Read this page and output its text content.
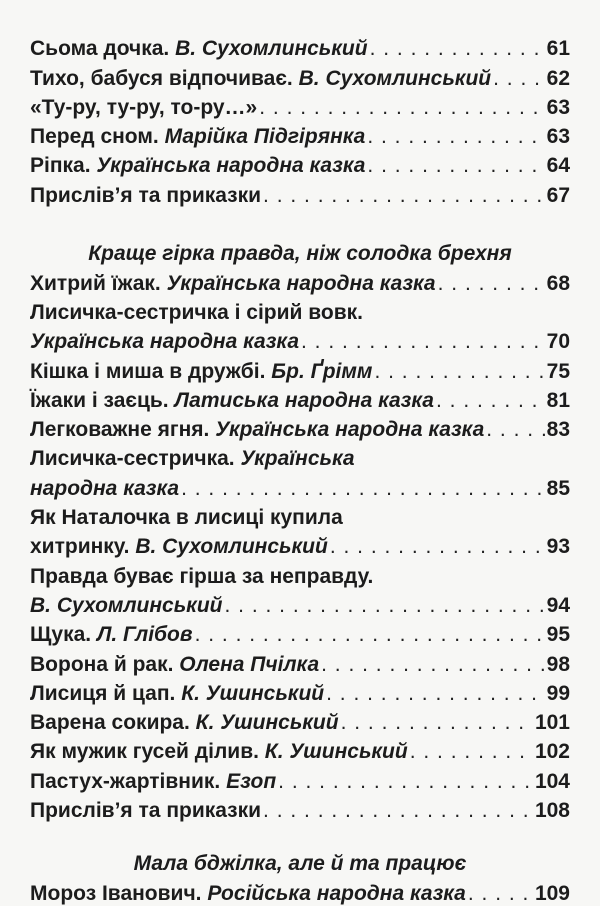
Сьома дочка. В. Сухомлинський . . .	61
Тихо, бабуся відпочиває. В. Сухомлинський . . .	62
«Ту-ру, ту-ру, то-ру…» . . .	63
Перед сном. Марійка Підгірянка . . .	63
Ріпка. Українська народна казка . . .	64
Прислів’я та приказки . . .	67
Краще гірка правда, ніж солодка брехня
Хитрий їжак. Українська народна казка . . .	68
Лисичка-сестричка і сірий вовк.
Українська народна казка . . .	70
Кішка і миша в дружбі. Бр. Ґрімм . . .	75
Їжаки і заєць. Латиська народна казка . . .	81
Легковажне ягня. Українська народна казка . . .	83
Лисичка-сестричка. Українська
народна казка . . .	85
Як Наталочка в лисиці купила
хитринку. В. Сухомлинський . . .	93
Правда буває гірша за неправду.
В. Сухомлинський . . .	94
Щука. Л. Глібов . . .	95
Ворона й рак. Олена Пчілка . . .	98
Лисиця й цап. К. Ушинський . . .	99
Варена сокира. К. Ушинський . . .	101
Як мужик гусей ділив. К. Ушинський . . .	102
Пастух-жартівник. Езоп . . .	104
Прислів’я та приказки . . .	108
Мала бджілка, але й та працює
Мороз Іванович. Російська народна казка . . .	109
